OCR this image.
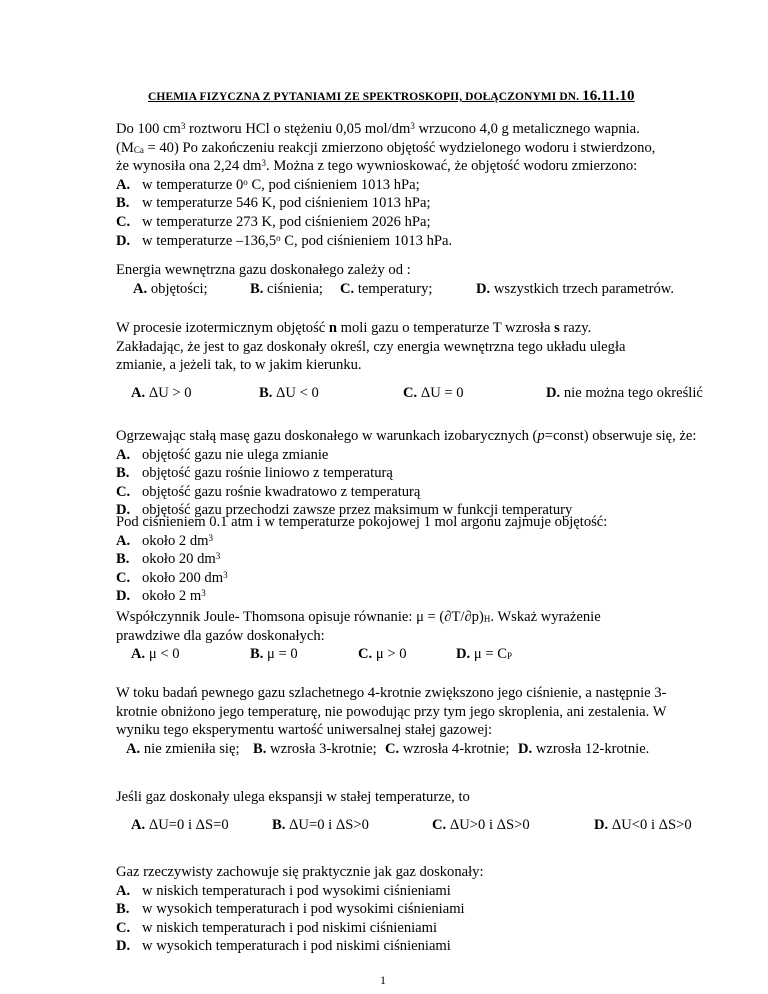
CHEMIA FIZYCZNA Z PYTANIAMI ZE SPEKTROSKOPII, DOŁĄCZONYMI DN. 16.11.10
Do 100 $cm^3$ roztworu HCl o stężeniu 0,05 mol/$dm^3$ wrzucono 4,0 g metalicznego wapnia.
$(M_{Ca} = 40)$ Po zakończeniu reakcji zmierzono objętość wydzielonego wodoru i stwierdzono,
że wynosiła ona 2,24 $dm^3$. Można z tego wywnioskować, że objętość wodoru zmierzono:
A. w temperaturze 0$^o$ C, pod ciśnieniem 1013 hPa;
B. w temperaturze 546 K, pod ciśnieniem 1013 hPa;
C. w temperaturze 273 K, pod ciśnieniem 2026 hPa;
D. w temperaturze –136,5$^o$ C, pod ciśnieniem 1013 hPa.
Energia wewnętrzna gazu doskonałego zależy od :
A. objętości;	B. ciśnienia; C. temperatury;	D. wszystkich trzech parametrów.
W procesie izotermicznym objętość n moli gazu o temperaturze T wzrosła s razy.
Zakładając, że jest to gaz doskonały określ, czy energia wewnętrzna tego układu uległa
zmianie, a jeżeli tak, to w jakim kierunku.
A. ΔU > 0	B. ΔU < 0	C. ΔU = 0	D. nie można tego określić
Ogrzewając stałą masę gazu doskonałego w warunkach izobarycznych (p=const) obserwuje się, że:
A. objętość gazu nie ulega zmianie
B. objętość gazu rośnie liniowo z temperaturą
C. objętość gazu rośnie kwadratowo z temperaturą
D. objętość gazu przechodzi zawsze przez maksimum w funkcji temperatury
Pod ciśnieniem 0.1 atm i w temperaturze pokojowej 1 mol argonu zajmuje objętość:
A. około 2 $dm^3$
B. około 20 $dm^3$
C. około 200 $dm^3$
D. około 2 $m^3$
Współczynnik Joule- Thomsona opisuje równanie: $\mu = (\partial T/\partial p)_H$. Wskaż wyrażenie
prawdziwe dla gazów doskonałych:
A. μ < 0	B. μ = 0	C. μ > 0	D. $\mu = C_P$
W toku badań pewnego gazu szlachetnego 4-krotnie zwiększono jego ciśnienie, a następnie 3-
krotnie obniżono jego temperaturę, nie powodując przy tym jego skroplenia, ani zestalenia. W
wyniku tego eksperymentu wartość uniwersalnej stałej gazowej:
A. nie zmieniła się; B. wzrosła 3-krotnie; C. wzrosła 4-krotnie; D. wzrosła 12-krotnie.
Jeśli gaz doskonały ulega ekspansji w stałej temperaturze, to
A. ΔU=0 i ΔS=0	B. ΔU=0 i ΔS>0	C. ΔU>0 i ΔS>0	D. ΔU<0 i ΔS>0
Gaz rzeczywisty zachowuje się praktycznie jak gaz doskonały:
A. w niskich temperaturach i pod wysokimi ciśnieniami
B. w wysokich temperaturach i pod wysokimi ciśnieniami
C. w niskich temperaturach i pod niskimi ciśnieniami
D. w wysokich temperaturach i pod niskimi ciśnieniami
1
